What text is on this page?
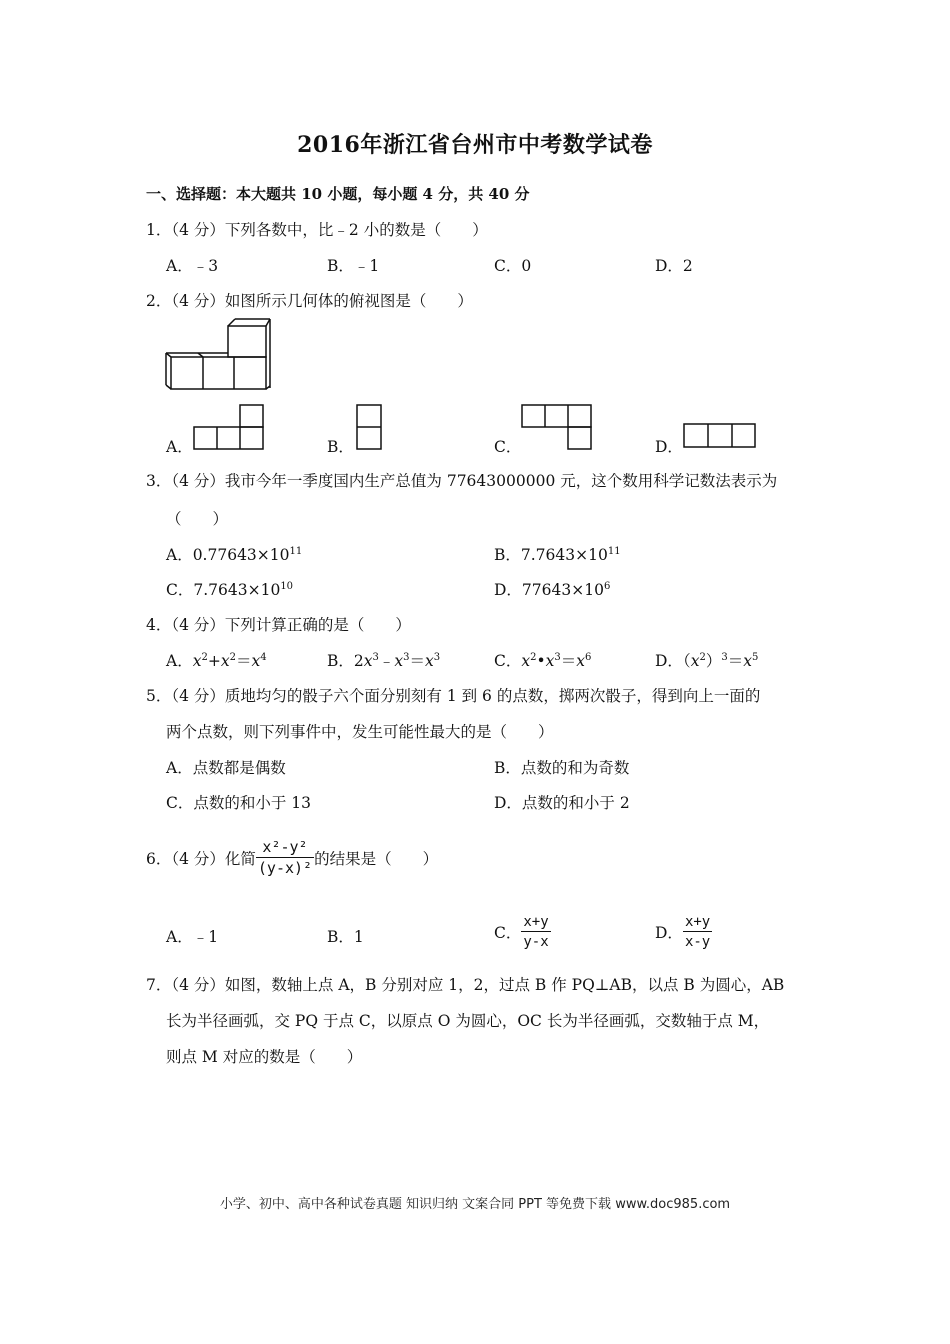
2016年浙江省台州市中考数学试卷
一、选择题：本大题共 10 小题，每小题 4 分，共 40 分
1．（4 分）下列各数中，比﹣2 小的数是（　　）
A．﹣3	B．﹣1	C．0	D．2
2．（4 分）如图所示几何体的俯视图是（　　）
A．	B．	C．	D．
3．（4 分）我市今年一季度国内生产总值为 77643000000 元，这个数用科学记数法表示为
（　　）
A．$0.77643\times 10^{11}$	B．$7.7643\times 10^{11}$
C．$7.7643\times 10^{10}$	D．$77643\times 10^6$
4．（4 分）下列计算正确的是（　　）
A．$x^2+x^2=x^4$	B．$2x^3﹣x^3=x^3$	C．$x^2•x^3=x^6$	D．$(x^2)^3=x^5$
5．（4 分）质地均匀的骰子六个面分别刻有 1 到 6 的点数，掷两次骰子，得到向上一面的
两个点数，则下列事件中，发生可能性最大的是（　　）
A．点数都是偶数	B．点数的和为奇数
C．点数的和小于 13	D．点数的和小于 2
6．（4 分）化简 $\frac{\text{x²-y²}}{\text{(y-x)²}}$ 的结果是（　　）
A．﹣1	B．1	C． $\frac{x+y}{y-x}$	D． $\frac{x+y}{x-y}$
7．（4 分）如图，数轴上点 A，B 分别对应 1，2，过点 B 作 PQ⊥AB，以点 B 为圆心，AB
长为半径画弧，交 PQ 于点 C，以原点 O 为圆心，OC 长为半径画弧，交数轴于点 M，
则点 M 对应的数是（　　）
小学、初中、高中各种试卷真题 知识归纳 文案合同 PPT 等免费下载 www.doc985.com
